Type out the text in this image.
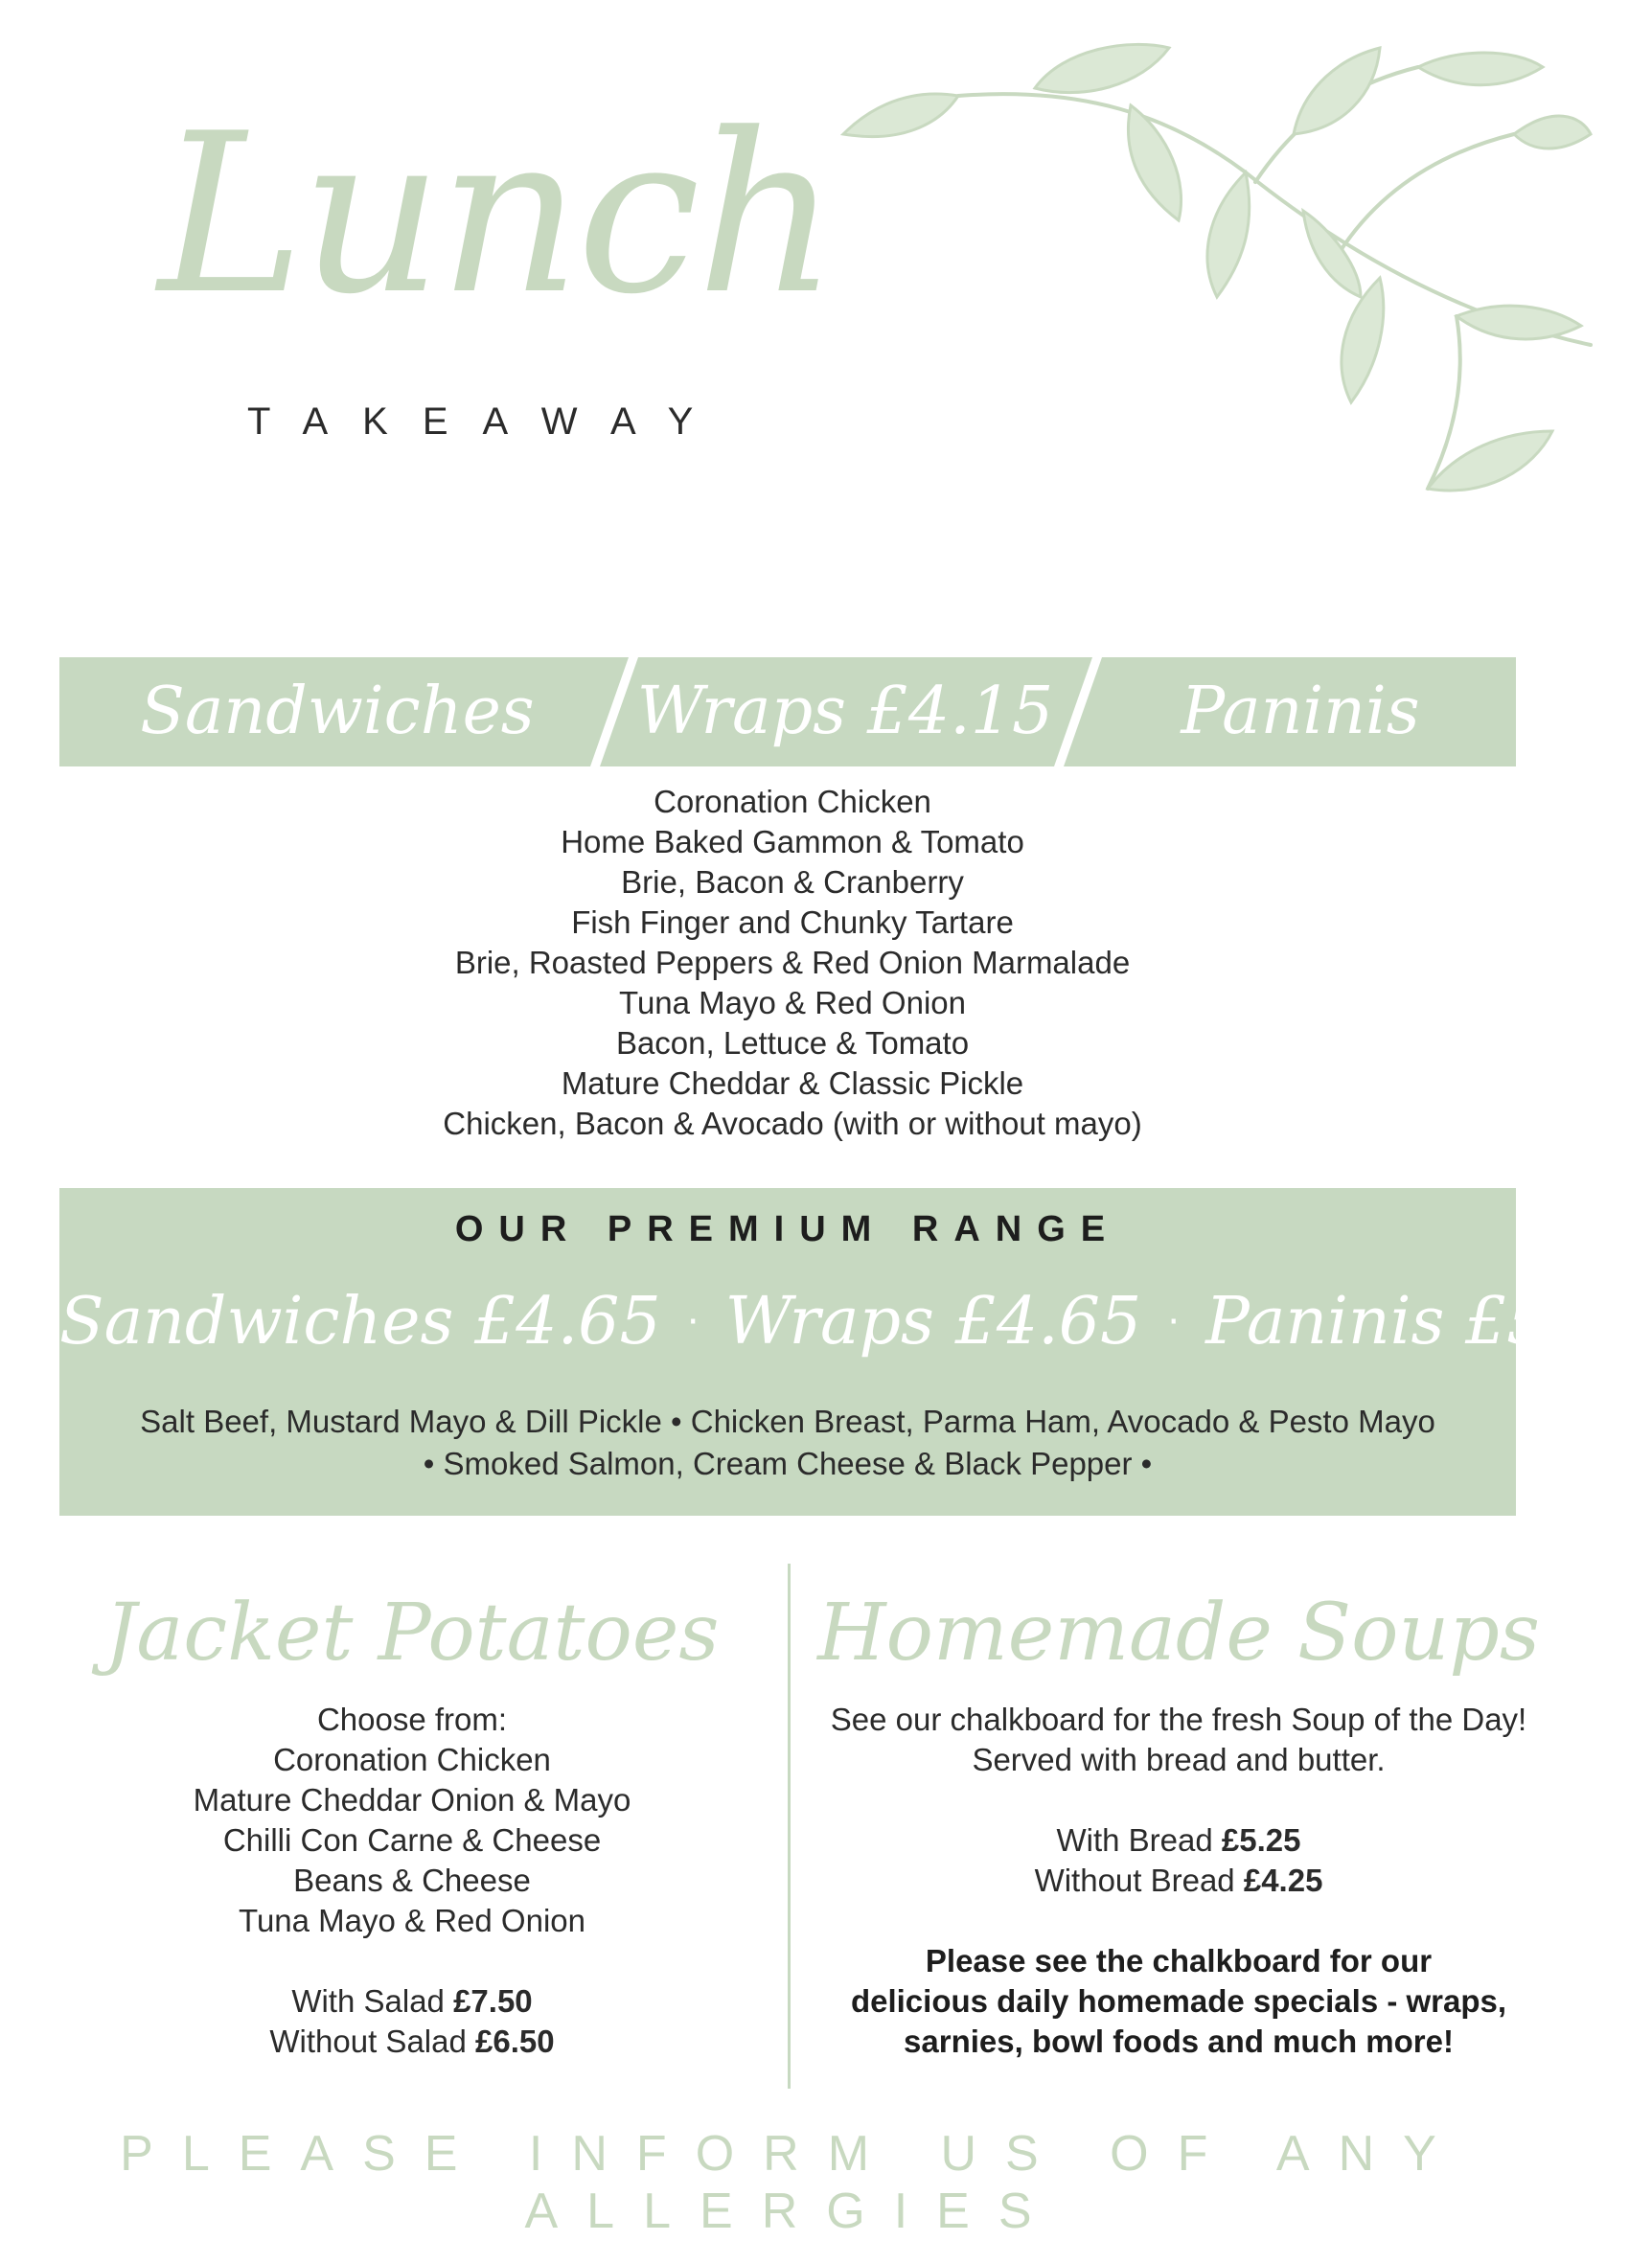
Lunch
TAKEAWAY
Sandwiches £4.15
Wraps £4.15	Paninis £4.95
Coronation Chicken
Home Baked Gammon & Tomato
Brie, Bacon & Cranberry
Fish Finger and Chunky Tartare
Brie, Roasted Peppers & Red Onion Marmalade
Tuna Mayo & Red Onion
Bacon, Lettuce & Tomato
Mature Cheddar & Classic Pickle
Chicken, Bacon & Avocado (with or without mayo)
OUR PREMIUM RANGE
Sandwiches £4.65 · Wraps £4.65 · Paninis £5.45
Salt Beef, Mustard Mayo & Dill Pickle • Chicken Breast, Parma Ham, Avocado & Pesto Mayo
• Smoked Salmon, Cream Cheese & Black Pepper •
Jacket Potatoes
Choose from:
Coronation Chicken
Mature Cheddar Onion & Mayo
Chilli Con Carne & Cheese
Beans & Cheese
Tuna Mayo & Red Onion
With Salad £7.50
Without Salad £6.50
Homemade Soups
See our chalkboard for the fresh Soup of the Day!
Served with bread and butter.
With Bread £5.25
Without Bread £4.25
Please see the chalkboard for our
delicious daily homemade specials - wraps,
sarnies, bowl foods and much more!
PLEASE INFORM US OF ANY ALLERGIES
